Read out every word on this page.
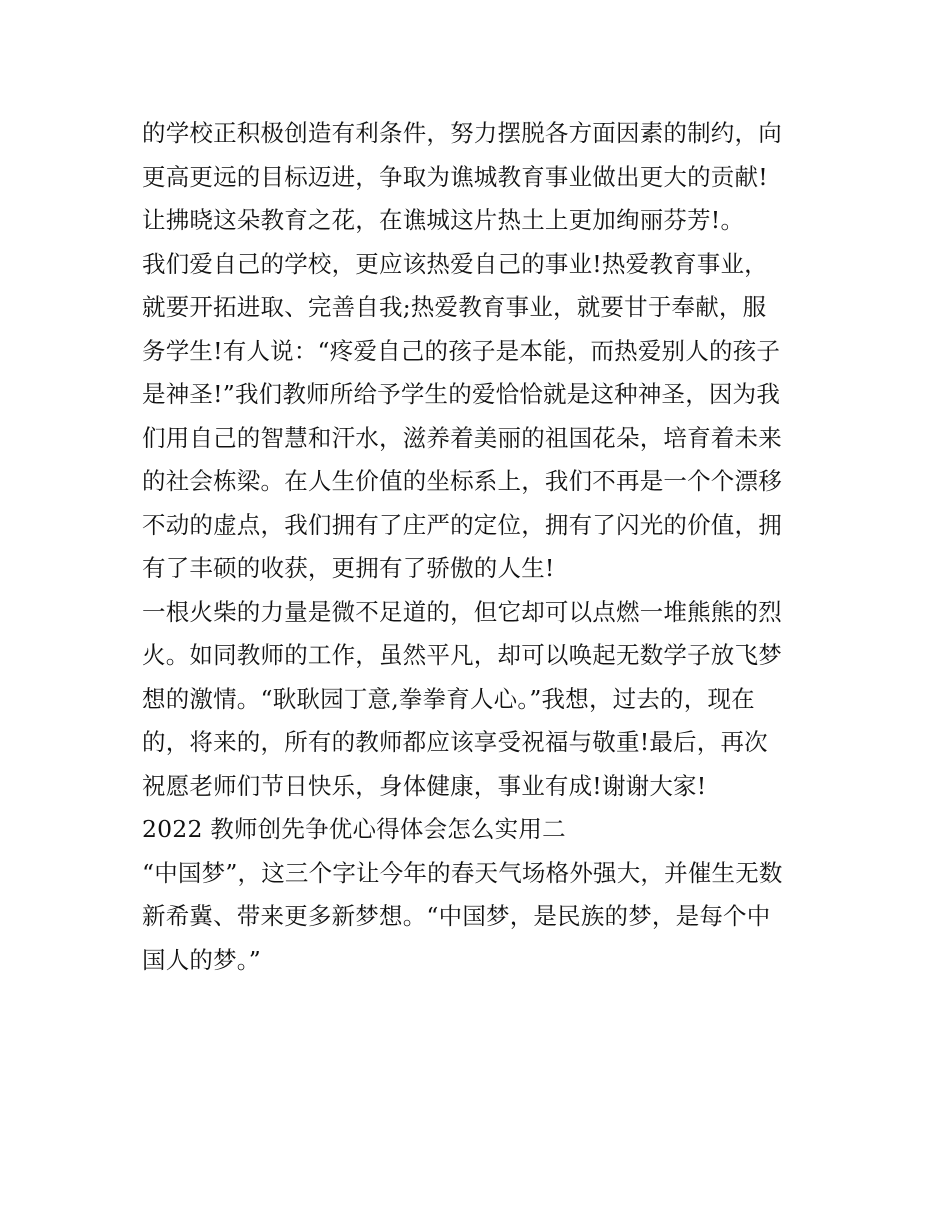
的学校正积极创造有利条件，努力摆脱各方面因素的制约，向
更高更远的目标迈进，争取为谯城教育事业做出更大的贡献!
让拂晓这朵教育之花，在谯城这片热土上更加绚丽芬芳!。
我们爱自己的学校，更应该热爱自己的事业!热爱教育事业，
就要开拓进取、完善自我;热爱教育事业，就要甘于奉献，服
务学生!有人说：“疼爱自己的孩子是本能，而热爱别人的孩子
是神圣!”我们教师所给予学生的爱恰恰就是这种神圣，因为我
们用自己的智慧和汗水，滋养着美丽的祖国花朵，培育着未来
的社会栋梁。在人生价值的坐标系上，我们不再是一个个漂移
不动的虚点，我们拥有了庄严的定位，拥有了闪光的价值，拥
有了丰硕的收获，更拥有了骄傲的人生!
一根火柴的力量是微不足道的，但它却可以点燃一堆熊熊的烈
火。如同教师的工作，虽然平凡，却可以唤起无数学子放飞梦
想的激情。“耿耿园丁意,拳拳育人心。”我想，过去的，现在
的，将来的，所有的教师都应该享受祝福与敬重!最后，再次
祝愿老师们节日快乐，身体健康，事业有成!谢谢大家!
2022 教师创先争优心得体会怎么实用二
“中国梦”，这三个字让今年的春天气场格外强大，并催生无数
新希冀、带来更多新梦想。“中国梦，是民族的梦，是每个中
国人的梦。”
